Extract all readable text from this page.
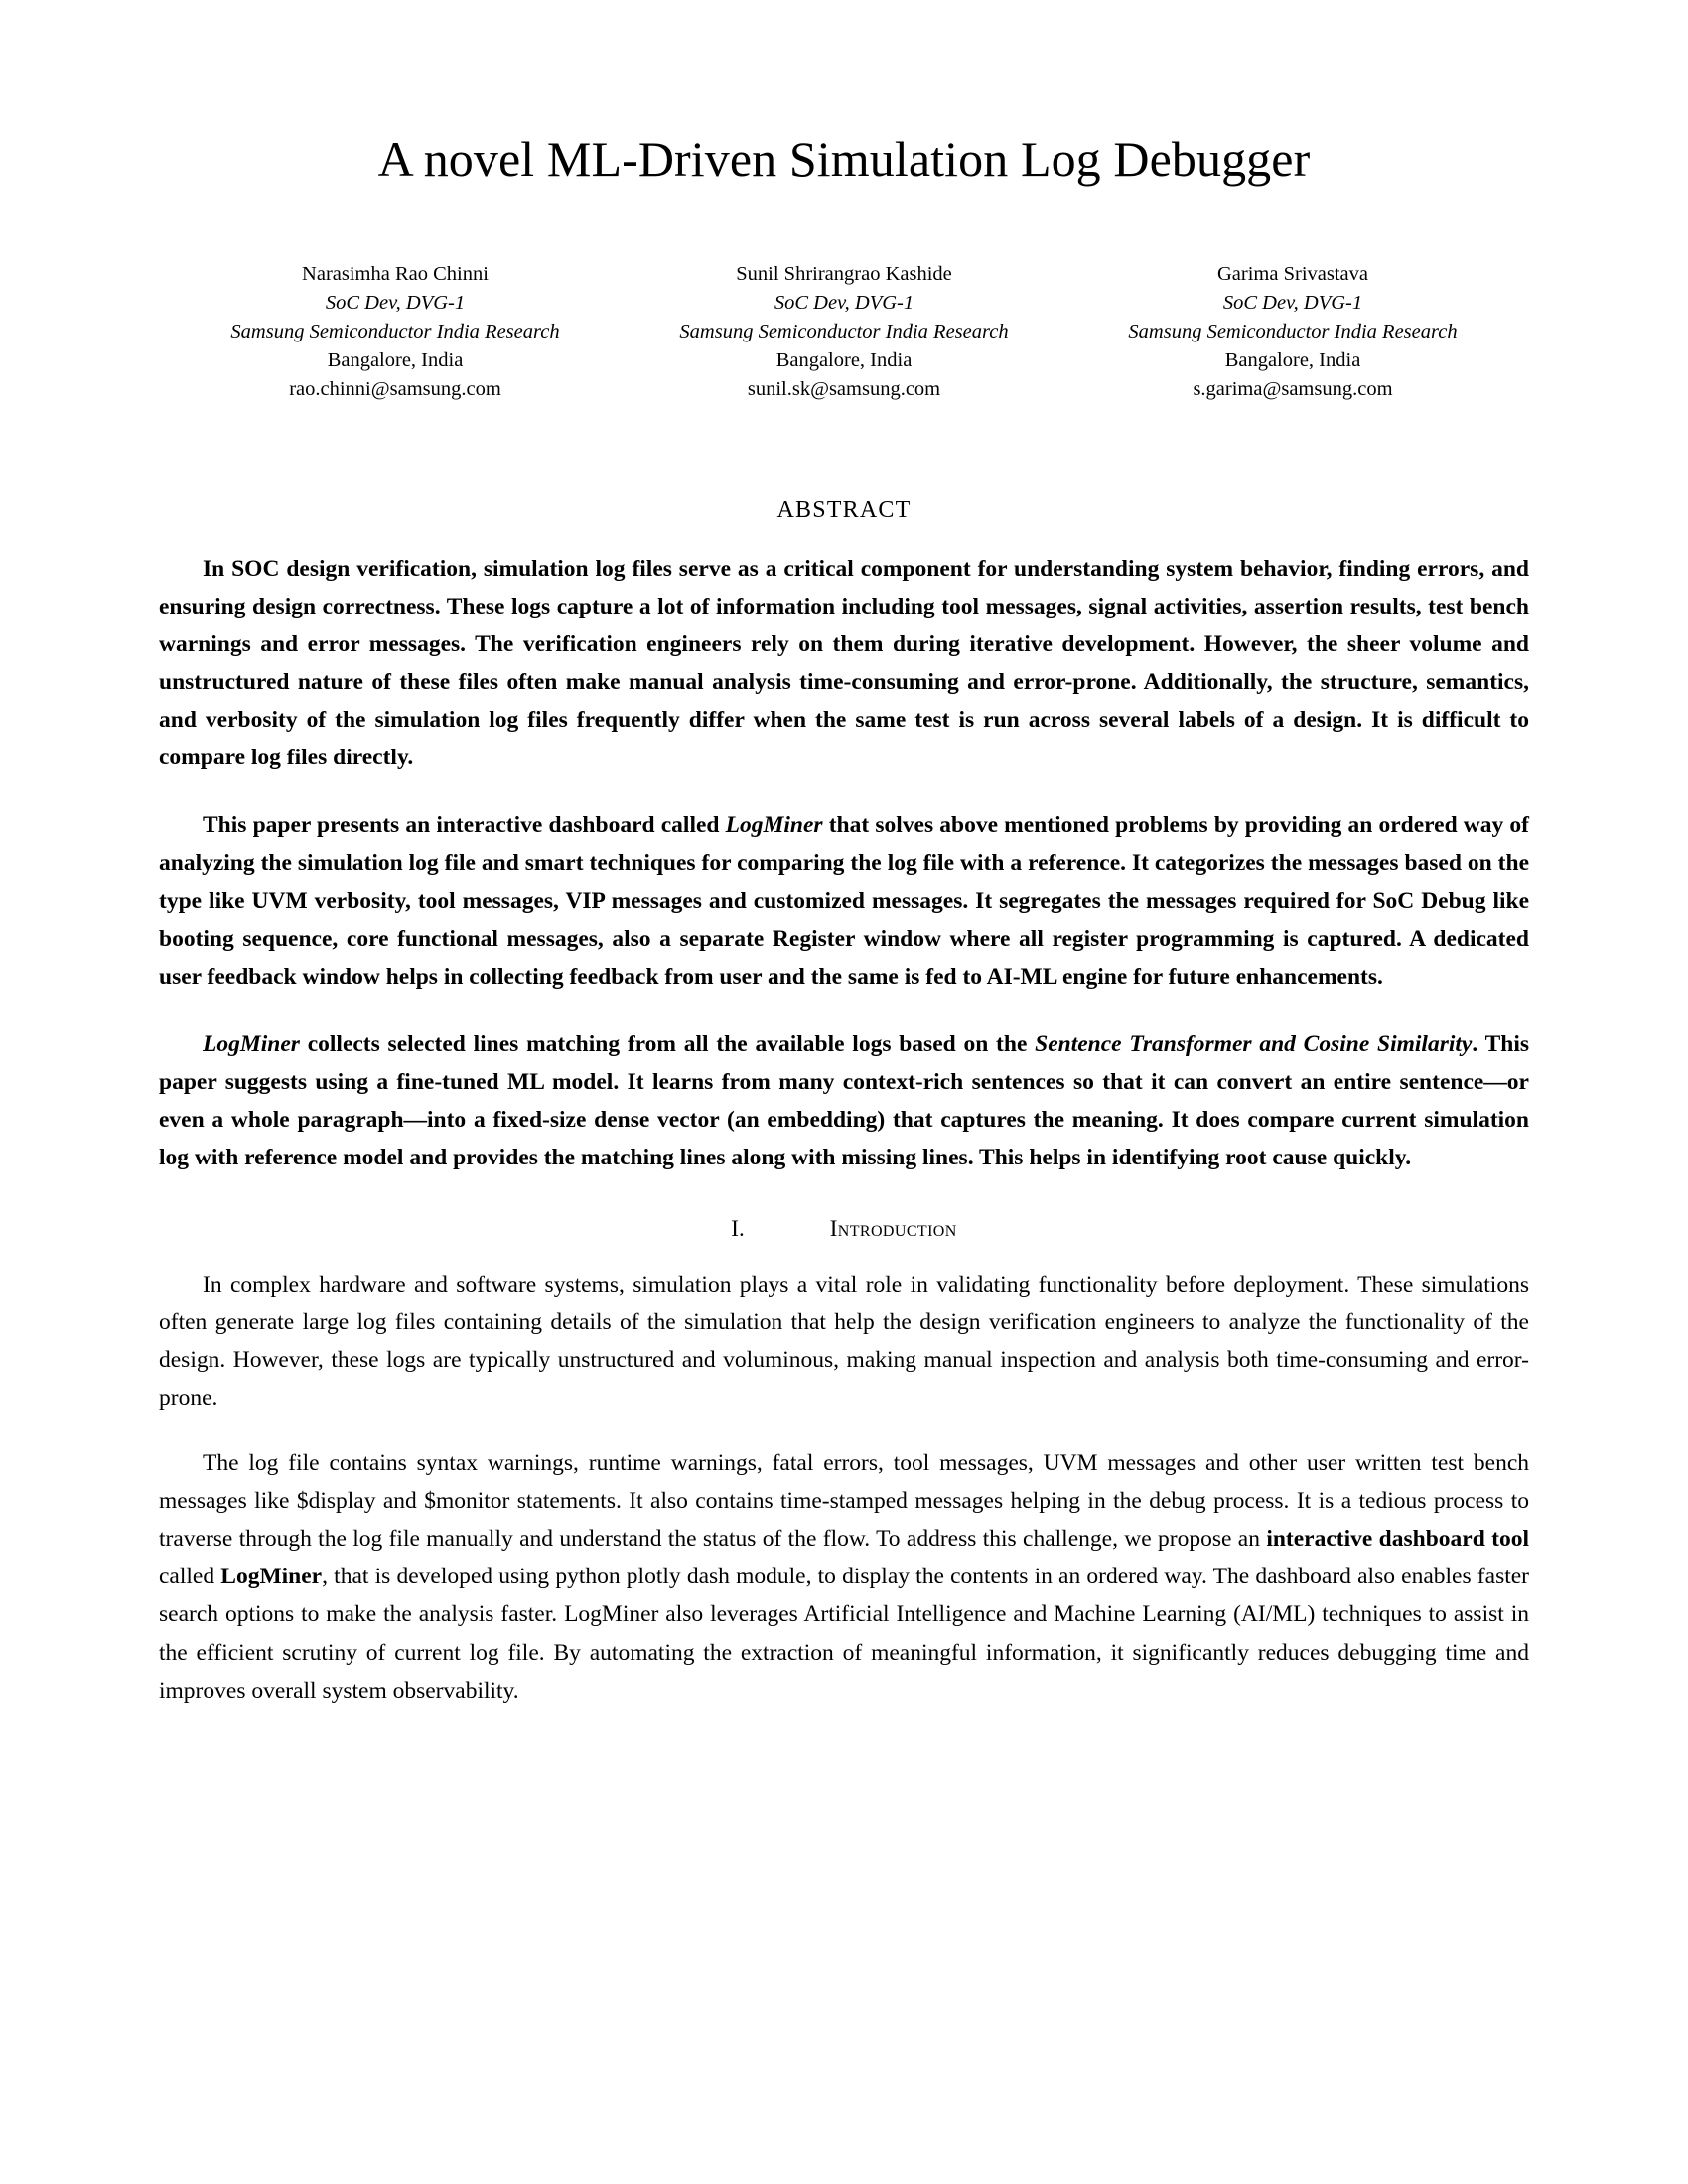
A novel ML-Driven Simulation Log Debugger
Narasimha Rao Chinni
SoC Dev, DVG-1
Samsung Semiconductor India Research
Bangalore, India
rao.chinni@samsung.com
Sunil Shrirangrao Kashide
SoC Dev, DVG-1
Samsung Semiconductor India Research
Bangalore, India
sunil.sk@samsung.com
Garima Srivastava
SoC Dev, DVG-1
Samsung Semiconductor India Research
Bangalore, India
s.garima@samsung.com
ABSTRACT

In SOC design verification, simulation log files serve as a critical component for understanding system behavior, finding errors, and ensuring design correctness. These logs capture a lot of information including tool messages, signal activities, assertion results, test bench warnings and error messages. The verification engineers rely on them during iterative development. However, the sheer volume and unstructured nature of these files often make manual analysis time-consuming and error-prone. Additionally, the structure, semantics, and verbosity of the simulation log files frequently differ when the same test is run across several labels of a design. It is difficult to compare log files directly.

This paper presents an interactive dashboard called LogMiner that solves above mentioned problems by providing an ordered way of analyzing the simulation log file and smart techniques for comparing the log file with a reference. It categorizes the messages based on the type like UVM verbosity, tool messages, VIP messages and customized messages. It segregates the messages required for SoC Debug like booting sequence, core functional messages, also a separate Register window where all register programming is captured. A dedicated user feedback window helps in collecting feedback from user and the same is fed to AI-ML engine for future enhancements.

LogMiner collects selected lines matching from all the available logs based on the Sentence Transformer and Cosine Similarity. This paper suggests using a fine-tuned ML model. It learns from many context-rich sentences so that it can convert an entire sentence—or even a whole paragraph—into a fixed-size dense vector (an embedding) that captures the meaning. It does compare current simulation log with reference model and provides the matching lines along with missing lines. This helps in identifying root cause quickly.

I.	Introduction

In complex hardware and software systems, simulation plays a vital role in validating functionality before deployment. These simulations often generate large log files containing details of the simulation that help the design verification engineers to analyze the functionality of the design. However, these logs are typically unstructured and voluminous, making manual inspection and analysis both time-consuming and error-prone.

The log file contains syntax warnings, runtime warnings, fatal errors, tool messages, UVM messages and other user written test bench messages like $display and $monitor statements. It also contains time-stamped messages helping in the debug process. It is a tedious process to traverse through the log file manually and understand the status of the flow. To address this challenge, we propose an interactive dashboard tool called LogMiner, that is developed using python plotly dash module, to display the contents in an ordered way. The dashboard also enables faster search options to make the analysis faster. LogMiner also leverages Artificial Intelligence and Machine Learning (AI/ML) techniques to assist in the efficient scrutiny of current log file. By automating the extraction of meaningful information, it significantly reduces debugging time and improves overall system observability.
